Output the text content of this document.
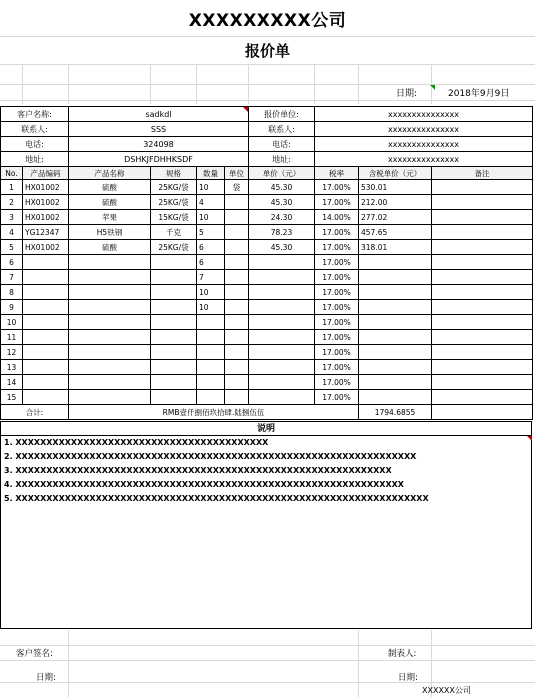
XXXXXXXXX公司
报价单
日期:	2018年9月9日
客户名称:	sadkdl	报价单位:	xxxxxxxxxxxxxxx
联系人:	SSS	联系人:	xxxxxxxxxxxxxxx
电话:	324098	电话:	xxxxxxxxxxxxxxx
地址:	DSHKJFDHHKSDF	地址:	xxxxxxxxxxxxxxx
No.	产品编码	产品名称	规格	数量	单位	单价（元）	税率	含税单价（元）	备注
1	HX01002	硫酸	25KG/袋	10	袋	45.30	17.00%	530.01	
2	HX01002	硫酸	25KG/袋	4		45.30	17.00%	212.00	
3	HX01002	苹果	15KG/袋	10		24.30	14.00%	277.02	
4	YG12347	H5铁钢	千克	5		78.23	17.00%	457.65	
5	HX01002	硫酸	25KG/袋	6		45.30	17.00%	318.01	
6				6			17.00%		
7				7			17.00%		
8				10			17.00%		
9				10			17.00%		
10							17.00%		
11							17.00%		
12							17.00%		
13							17.00%		
14							17.00%		
15							17.00%		
合计:		RMB壹仟捌佰玖拾肆.陆捌伍伍						1794.6855	
说明
1. XXXXXXXXXXXXXXXXXXXXXXXXXXXXXXXXXXXXXXXXX
2. XXXXXXXXXXXXXXXXXXXXXXXXXXXXXXXXXXXXXXXXXXXXXXXXXXXXXXXXXXXXXXXXX
3. XXXXXXXXXXXXXXXXXXXXXXXXXXXXXXXXXXXXXXXXXXXXXXXXXXXXXXXXXXXXX
4. XXXXXXXXXXXXXXXXXXXXXXXXXXXXXXXXXXXXXXXXXXXXXXXXXXXXXXXXXXXXXXX
5. XXXXXXXXXXXXXXXXXXXXXXXXXXXXXXXXXXXXXXXXXXXXXXXXXXXXXXXXXXXXXXXXXXX
客户签名:	制表人:
日期:	日期:
XXXXXX公司
